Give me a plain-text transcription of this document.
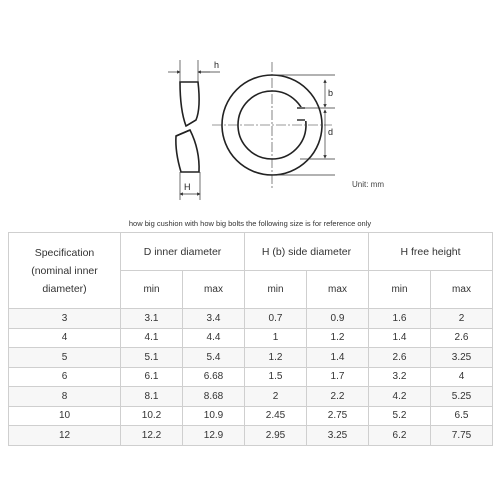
h
H
b
d
Unit: mm
how big cushion with how big bolts the following size is for reference only
Specification
(nominal inner
diameter)	D inner diameter		H (b) side diameter		H free height	
	min	max	min	max	min	max
3	3.1	3.4	0.7	0.9	1.6	2
4	4.1	4.4	1	1.2	1.4	2.6
5	5.1	5.4	1.2	1.4	2.6	3.25
6	6.1	6.68	1.5	1.7	3.2	4
8	8.1	8.68	2	2.2	4.2	5.25
10	10.2	10.9	2.45	2.75	5.2	6.5
12	12.2	12.9	2.95	3.25	6.2	7.75
